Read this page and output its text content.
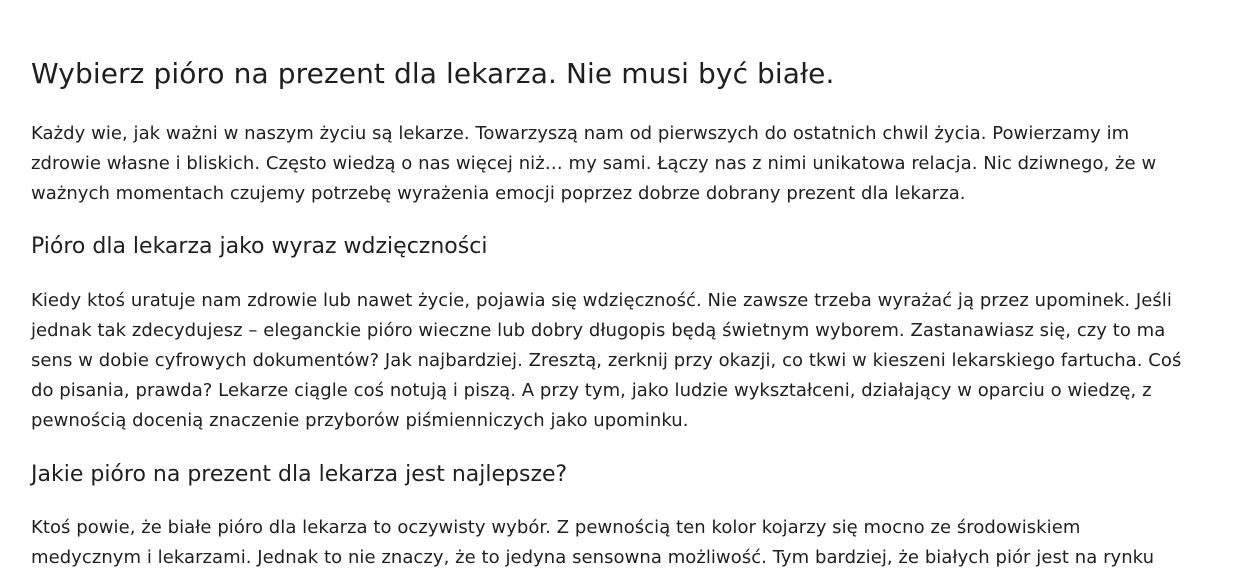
Wybierz pióro na prezent dla lekarza. Nie musi być białe.

Każdy wie, jak ważni w naszym życiu są lekarze. Towarzyszą nam od pierwszych do ostatnich chwil życia. Powierzamy im
zdrowie własne i bliskich. Często wiedzą o nas więcej niż… my sami. Łączy nas z nimi unikatowa relacja. Nic dziwnego, że w
ważnych momentach czujemy potrzebę wyrażenia emocji poprzez dobrze dobrany prezent dla lekarza.

Pióro dla lekarza jako wyraz wdzięczności

Kiedy ktoś uratuje nam zdrowie lub nawet życie, pojawia się wdzięczność. Nie zawsze trzeba wyrażać ją przez upominek. Jeśli
jednak tak zdecydujesz – eleganckie pióro wieczne lub dobry długopis będą świetnym wyborem. Zastanawiasz się, czy to ma
sens w dobie cyfrowych dokumentów? Jak najbardziej. Zresztą, zerknij przy okazji, co tkwi w kieszeni lekarskiego fartucha. Coś
do pisania, prawda? Lekarze ciągle coś notują i piszą. A przy tym, jako ludzie wykształceni, działający w oparciu o wiedzę, z
pewnością docenią znaczenie przyborów piśmienniczych jako upominku.

Jakie pióro na prezent dla lekarza jest najlepsze?

Ktoś powie, że białe pióro dla lekarza to oczywisty wybór. Z pewnością ten kolor kojarzy się mocno ze środowiskiem
medycznym i lekarzami. Jednak to nie znaczy, że to jedyna sensowna możliwość. Tym bardziej, że białych piór jest na rynku
